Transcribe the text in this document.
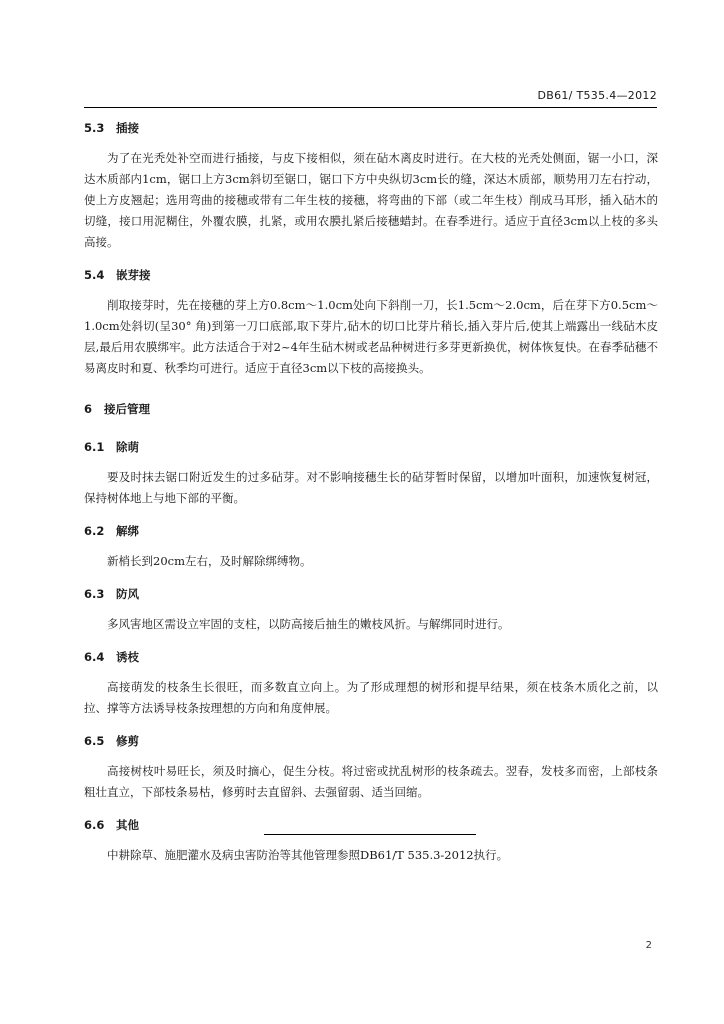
DB61/ T535.4—2012

5.3 插接

为了在光秃处补空而进行插接，与皮下接相似，须在砧木离皮时进行。在大枝的光秃处侧面，锯一小口，深达木质部内1cm，锯口上方3cm斜切至锯口，锯口下方中央纵切3cm长的缝，深达木质部，顺势用刀左右拧动，使上方皮翘起；选用弯曲的接穗或带有二年生枝的接穗，将弯曲的下部（或二年生枝）削成马耳形，插入砧木的切缝，接口用泥糊住，外覆农膜，扎紧，或用农膜扎紧后接穗蜡封。在春季进行。适应于直径3cm以上枝的多头高接。

5.4 嵌芽接

削取接芽时，先在接穗的芽上方0.8cm～1.0cm处向下斜削一刀，长1.5cm～2.0cm，后在芽下方0.5cm～1.0cm处斜切(呈30° 角)到第一刀口底部,取下芽片,砧木的切口比芽片稍长,插入芽片后,使其上端露出一线砧木皮层,最后用农膜绑牢。此方法适合于对2~4年生砧木树或老品种树进行多芽更新换优，树体恢复快。在春季砧穗不易离皮时和夏、秋季均可进行。适应于直径3cm以下枝的高接换头。

6 接后管理

6.1 除萌

要及时抹去锯口附近发生的过多砧芽。对不影响接穗生长的砧芽暂时保留，以增加叶面积，加速恢复树冠，保持树体地上与地下部的平衡。

6.2 解绑

新梢长到20cm左右，及时解除绑缚物。

6.3 防风

多风害地区需设立牢固的支柱，以防高接后抽生的嫩枝风折。与解绑同时进行。

6.4 诱枝

高接萌发的枝条生长很旺，而多数直立向上。为了形成理想的树形和提早结果，须在枝条木质化之前，以拉、撑等方法诱导枝条按理想的方向和角度伸展。

6.5 修剪

高接树枝叶易旺长，须及时摘心，促生分枝。将过密或扰乱树形的枝条疏去。翌春，发枝多而密，上部枝条粗壮直立，下部枝条易枯，修剪时去直留斜、去强留弱、适当回缩。

6.6 其他

中耕除草、施肥灌水及病虫害防治等其他管理参照DB61/T 535.3-2012执行。

2
